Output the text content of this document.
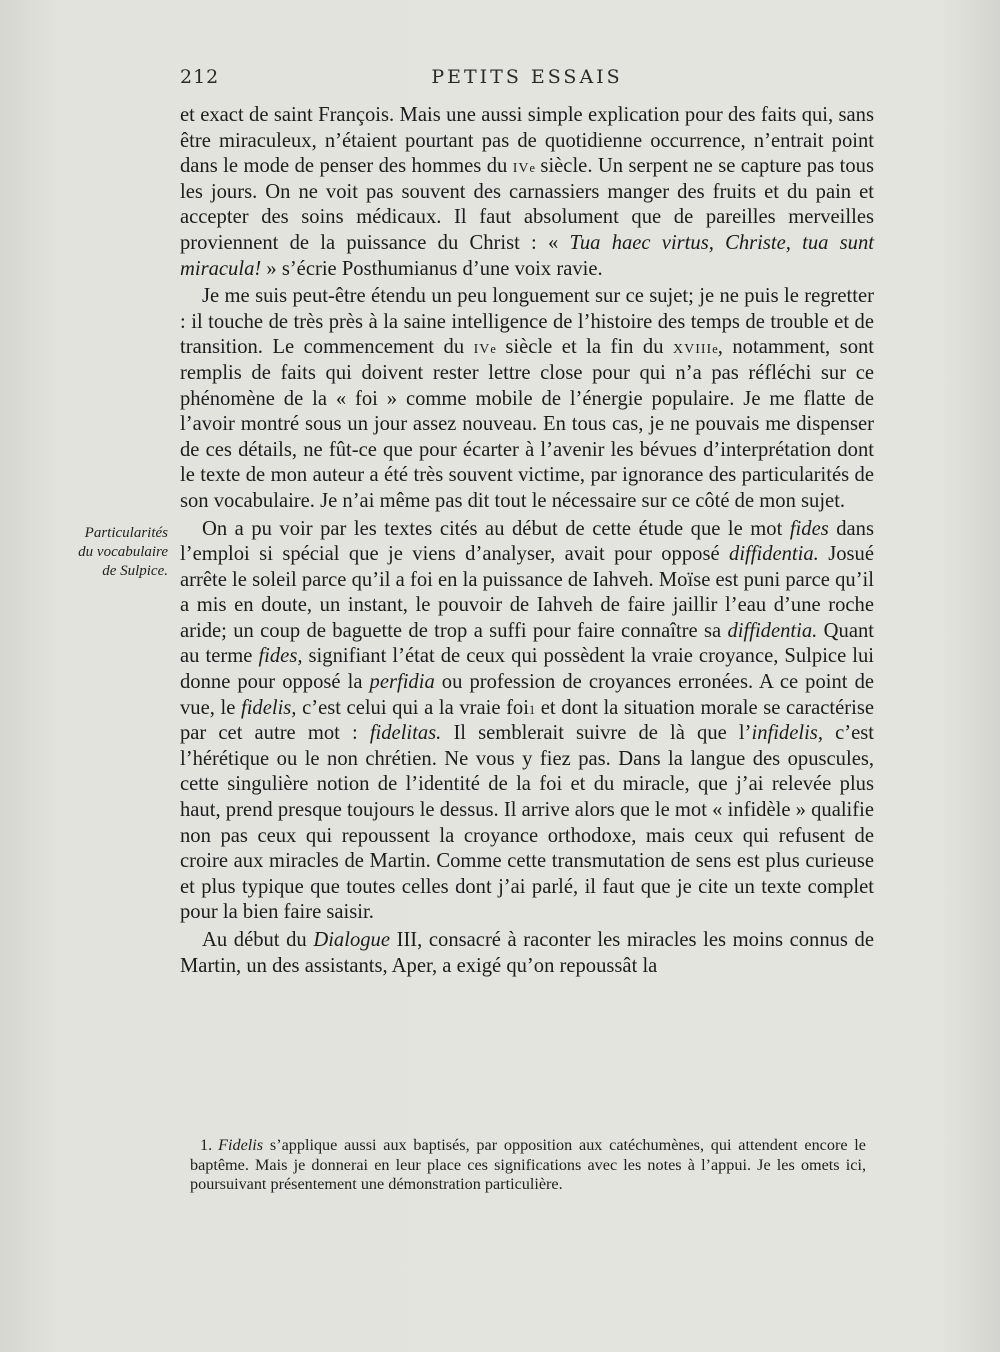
212	PETITS ESSAIS
Particularités
du vocabulaire
de Sulpice.

et exact de saint François. Mais une aussi simple explication pour des faits qui, sans être miraculeux, n’étaient pourtant pas de quotidienne occurrence, n’entrait point dans le mode de penser des hommes du $iv^e$ siècle. Un serpent ne se capture pas tous les jours. On ne voit pas souvent des carnassiers manger des fruits et du pain et accepter des soins médicaux. Il faut absolument que de pareilles merveilles proviennent de la puissance du Christ : « Tua haec virtus, Christe, tua sunt miracula! » s’écrie Posthumianus d’une voix ravie.

Je me suis peut-être étendu un peu longuement sur ce sujet; je ne puis le regretter : il touche de très près à la saine intelligence de l’histoire des temps de trouble et de transition. Le commencement du $iv^e$ siècle et la fin du xviii$^e$, notamment, sont remplis de faits qui doivent rester lettre close pour qui n’a pas réfléchi sur ce phénomène de la « foi » comme mobile de l’énergie populaire. Je me flatte de l’avoir montré sous un jour assez nouveau. En tous cas, je ne pouvais me dispenser de ces détails, ne fût-ce que pour écarter à l’avenir les bévues d’interprétation dont le texte de mon auteur a été très souvent victime, par ignorance des particularités de son vocabulaire. Je n’ai même pas dit tout le nécessaire sur ce côté de mon sujet.

On a pu voir par les textes cités au début de cette étude que le mot fides dans l’emploi si spécial que je viens d’analyser, avait pour opposé diffidentia. Josué arrête le soleil parce qu’il a foi en la puissance de Iahveh. Moïse est puni parce qu’il a mis en doute, un instant, le pouvoir de Iahveh de faire jaillir l’eau d’une roche aride; un coup de baguette de trop a suffi pour faire connaître sa diffidentia. Quant au terme fides, signifiant l’état de ceux qui possèdent la vraie croyance, Sulpice lui donne pour opposé la perfidia ou profession de croyances erronées. A ce point de vue, le fidelis, c’est celui qui a la vraie foi$^1$ et dont la situation morale se caractérise par cet autre mot : fidelitas. Il semblerait suivre de là que l’infidelis, c’est l’hérétique ou le non chrétien. Ne vous y fiez pas. Dans la langue des opuscules, cette singulière notion de l’identité de la foi et du miracle, que j’ai relevée plus haut, prend presque toujours le dessus. Il arrive alors que le mot « infidèle » qualifie non pas ceux qui repoussent la croyance orthodoxe, mais ceux qui refusent de croire aux miracles de Martin. Comme cette transmutation de sens est plus curieuse et plus typique que toutes celles dont j’ai parlé, il faut que je cite un texte complet pour la bien faire saisir.

Au début du Dialogue III, consacré à raconter les miracles les moins connus de Martin, un des assistants, Aper, a exigé qu’on repoussât la

1. Fidelis s’applique aussi aux baptisés, par opposition aux catéchumènes, qui attendent encore le baptême. Mais je donnerai en leur place ces significations avec les notes à l’appui. Je les omets ici, poursuivant présentement une démonstration particulière.
